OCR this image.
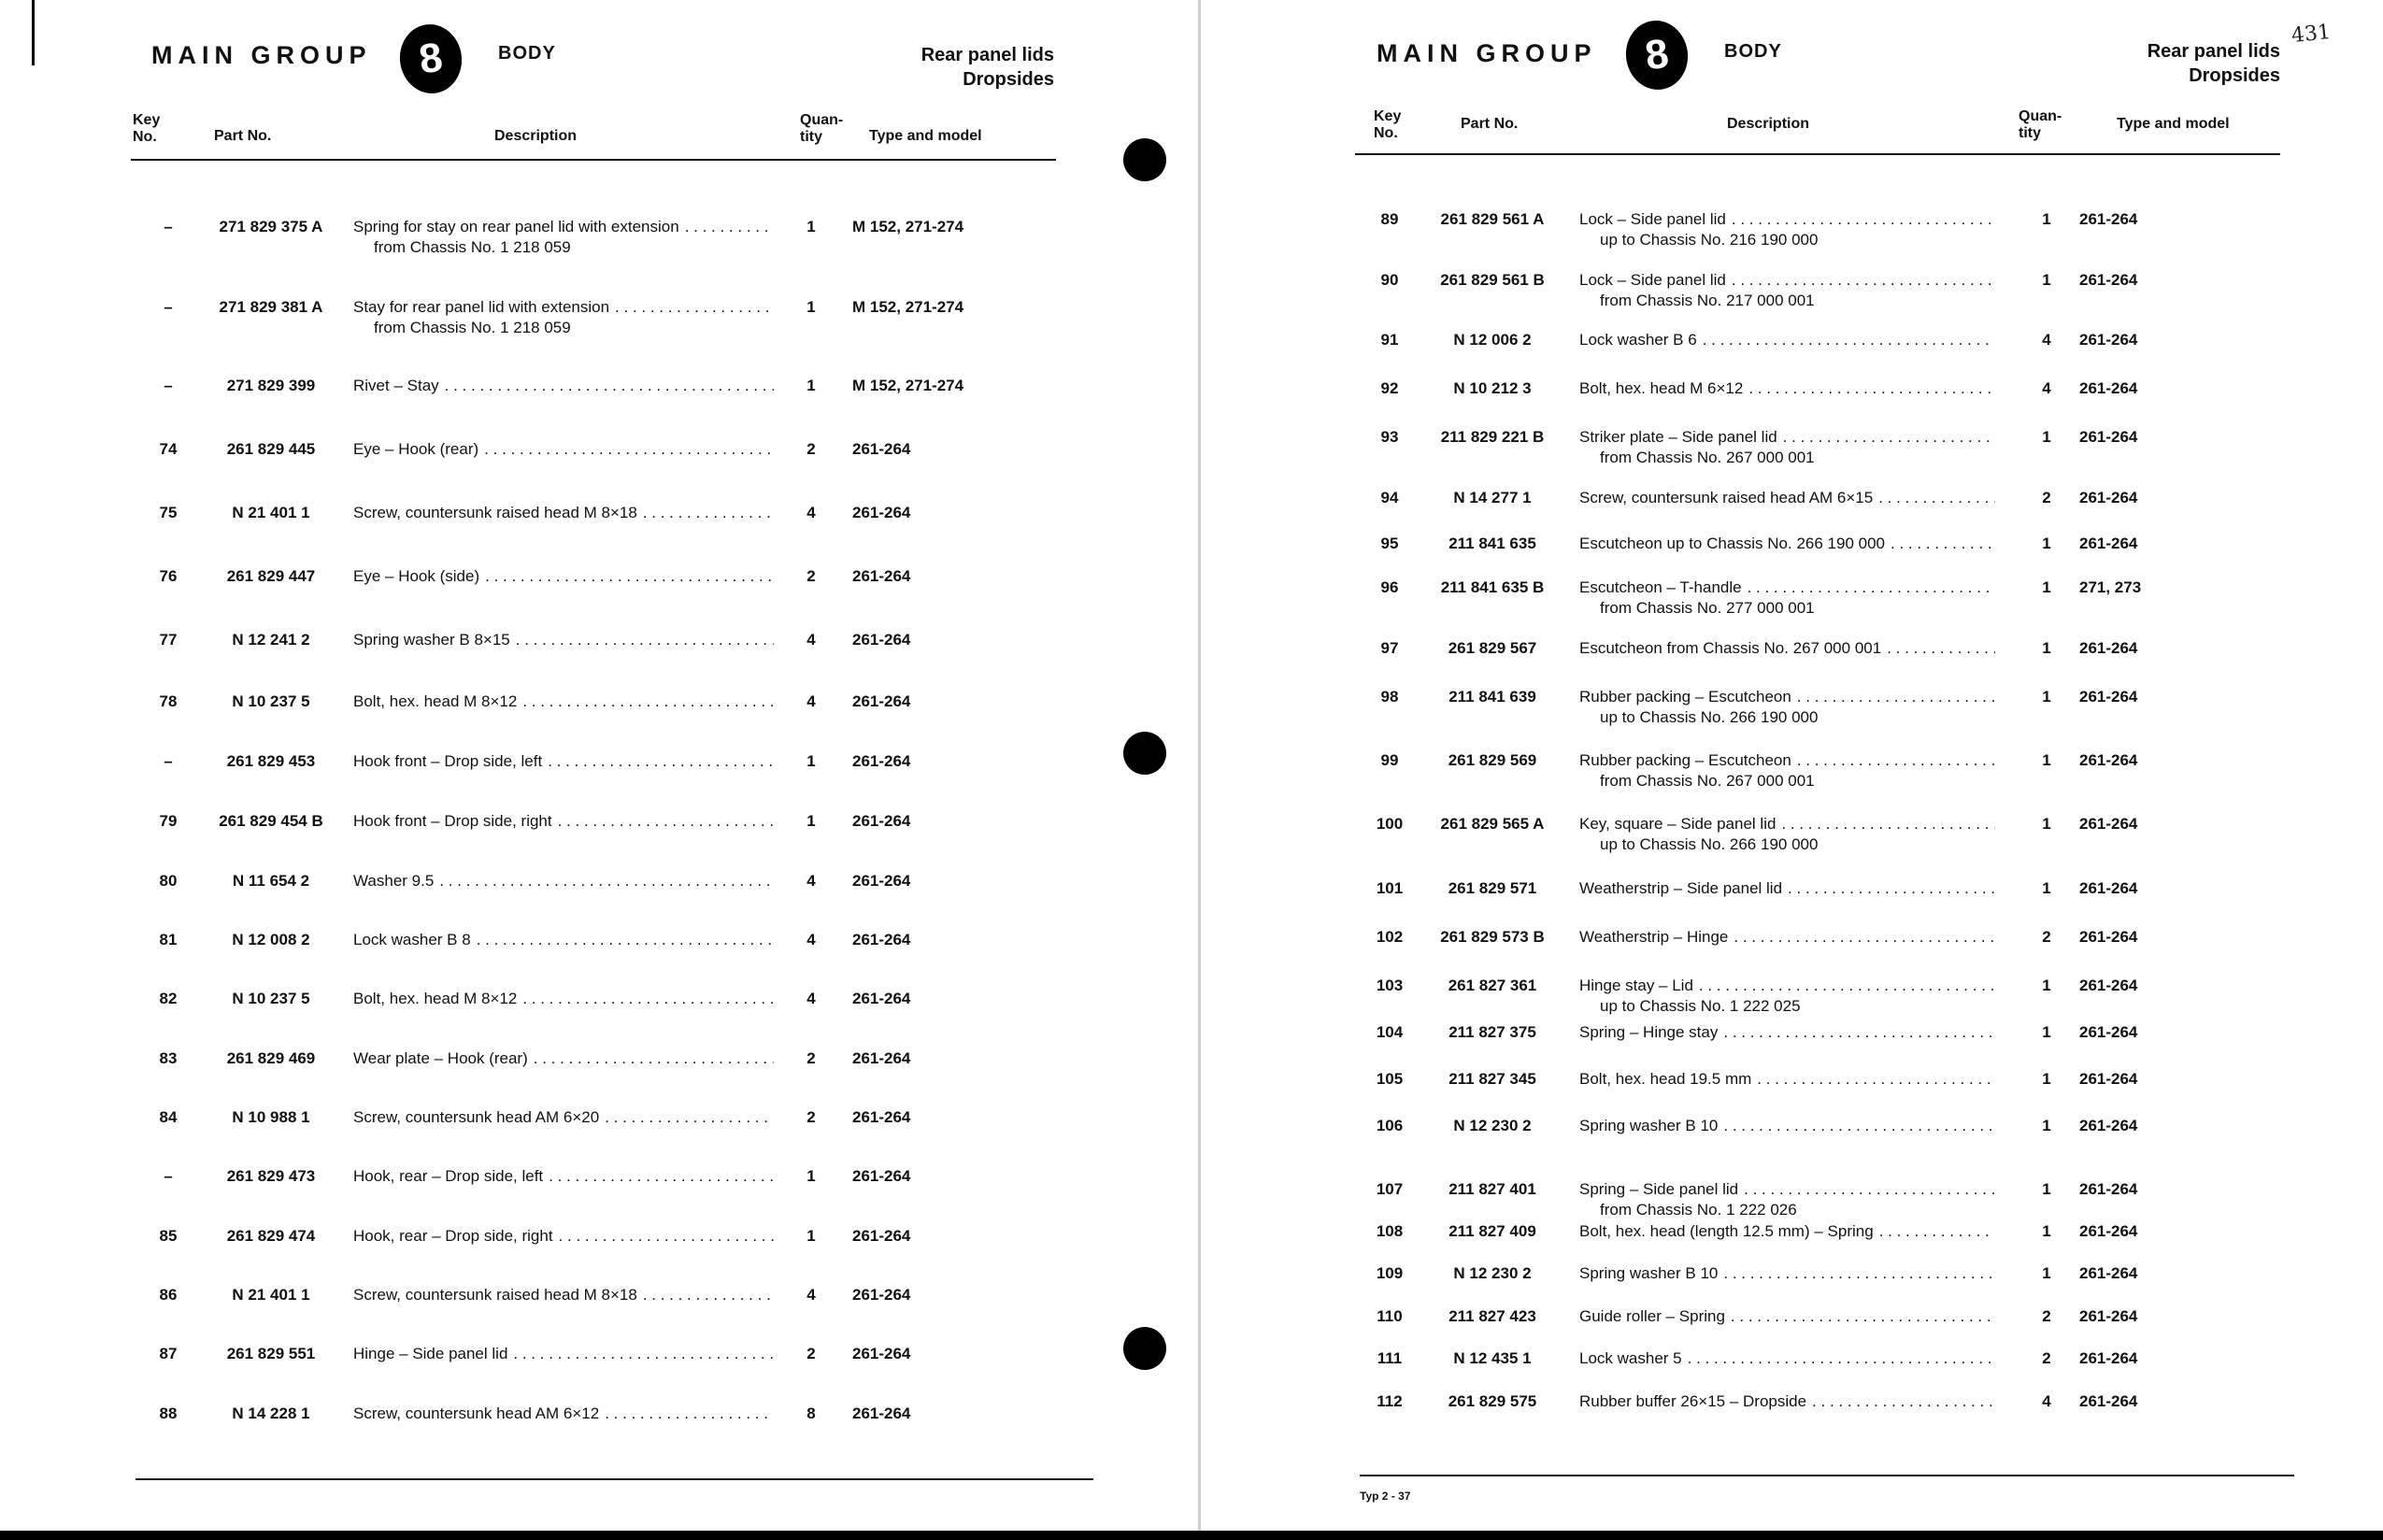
MAIN GROUP	8	BODY	Rear panel lids
Dropsides
Key
No.	Part No.	Description
Quan-
tity	Type and model
–	271 829 375 A	Spring for stay on rear panel lid with extension
. . .
from Chassis No. 1 218 059
1	M 152, 271-274
–	271 829 381 A	Stay for rear panel lid with extension
. . .
from Chassis No. 1 218 059
1	M 152, 271-274
–	271 829 399	Rivet – Stay . . .	1	M 152, 271-274
74	261 829 445	Eye – Hook (rear) . . .	2	261-264
75	N 21 401 1	Screw, countersunk raised head M 8×18 . . .	4	261-264
76	261 829 447	Eye – Hook (side) . . .	2	261-264
77	N 12 241 2	Spring washer B 8×15 . . .	4	261-264
78	N 10 237 5	Bolt, hex. head M 8×12 . . .	4	261-264
–	261 829 453	Hook front – Drop side, left . . .	1	261-264
79	261 829 454 B	Hook front – Drop side, right . . .	1	261-264
80	N 11 654 2	Washer 9.5 . . .	4	261-264
81	N 12 008 2	Lock washer B 8 . . .	4	261-264
82	N 10 237 5	Bolt, hex. head M 8×12 . . .	4	261-264
83	261 829 469	Wear plate – Hook (rear) . . .	2	261-264
84	N 10 988 1	Screw, countersunk head AM 6×20 . . .	2	261-264
–	261 829 473	Hook, rear – Drop side, left . . .	1	261-264
85	261 829 474	Hook, rear – Drop side, right . . .	1	261-264
86	N 21 401 1	Screw, countersunk raised head M 8×18 . . .	4	261-264
87	261 829 551	Hinge – Side panel lid . . .	2	261-264
88	N 14 228 1	Screw, countersunk head AM 6×12 . . .	8	261-264
MAIN GROUP	8	BODY	Rear panel lids
Dropsides
431
Key
No.
Part No.	Description	Quan-
tity
Type and model
89	261 829 561 A	Lock – Side panel lid
. . .
up to Chassis No. 216 190 000
1	261-264
90	261 829 561 B	Lock – Side panel lid
. . .
from Chassis No. 217 000 001
1	261-264
91	N 12 006 2	Lock washer B 6 . . .	4	261-264
92	N 10 212 3	Bolt, hex. head M 6×12 . . .	4	261-264
93	211 829 221 B	Striker plate – Side panel lid
. . .
from Chassis No. 267 000 001
1	261-264
94	N 14 277 1	Screw, countersunk raised head AM 6×15 . . .	2	261-264
95	211 841 635	Escutcheon up to Chassis No. 266 190 000 . . .	1	261-264
96	211 841 635 B	Escutcheon – T-handle
. . .
from Chassis No. 277 000 001
1	271, 273
97	261 829 567	Escutcheon from Chassis No. 267 000 001 . . .	1	261-264
98	211 841 639	Rubber packing – Escutcheon
. . .
up to Chassis No. 266 190 000
1	261-264
99	261 829 569	Rubber packing – Escutcheon
. . .
from Chassis No. 267 000 001
1	261-264
100	261 829 565 A	Key, square – Side panel lid
. . .
up to Chassis No. 266 190 000
1	261-264
101	261 829 571	Weatherstrip – Side panel lid . . .	1	261-264
102	261 829 573 B	Weatherstrip – Hinge . . .	2	261-264
103	261 827 361	Hinge stay – Lid
. . .
up to Chassis No. 1 222 025
1	261-264
104	211 827 375	Spring – Hinge stay . . .	1	261-264
105	211 827 345	Bolt, hex. head 19.5 mm . . .	1	261-264
106	N 12 230 2	Spring washer B 10 . . .	1	261-264
107	211 827 401	Spring – Side panel lid
. . .
from Chassis No. 1 222 026
1	261-264
108	211 827 409	Bolt, hex. head (length 12.5 mm) – Spring . . .	1	261-264
109	N 12 230 2	Spring washer B 10 . . .	1	261-264
110	211 827 423	Guide roller – Spring . . .	2	261-264
111	N 12 435 1	Lock washer 5 . . .	2	261-264
112	261 829 575	Rubber buffer 26×15 – Dropside . . .	4	261-264
Typ 2 - 37
